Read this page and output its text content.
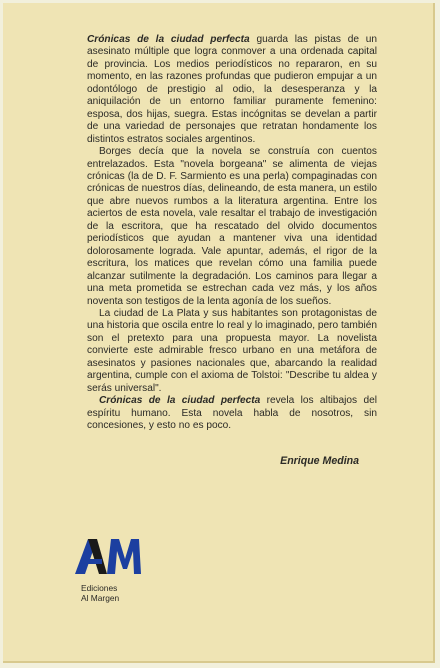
Crónicas de la ciudad perfecta guarda las pistas de un asesinato múltiple que logra conmover a una ordenada capital de provincia. Los medios periodísticos no repararon, en su momento, en las razones profundas que pudieron empujar a un odontólogo de prestigio al odio, la desesperanza y la aniquilación de un entorno familiar puramente femenino: esposa, dos hijas, suegra. Estas incógnitas se develan a partir de una variedad de personajes que retratan hondamente los distintos estratos sociales argentinos.

Borges decía que la novela se construía con cuentos entrelazados. Esta "novela borgeana" se alimenta de viejas crónicas (la de D. F. Sarmiento es una perla) compaginadas con crónicas de nuestros días, delineando, de esta manera, un estilo que abre nuevos rumbos a la literatura argentina. Entre los aciertos de esta novela, vale resaltar el trabajo de investigación de la escritora, que ha rescatado del olvido documentos periodísticos que ayudan a mantener viva una identidad dolorosamente lograda. Vale apuntar, además, el rigor de la escritura, los matices que revelan cómo una familia puede alcanzar sutilmente la degradación. Los caminos para llegar a una meta prometida se estrechan cada vez más, y los años noventa son testigos de la lenta agonía de los sueños.

La ciudad de La Plata y sus habitantes son protagonistas de una historia que oscila entre lo real y lo imaginado, pero también son el pretexto para una propuesta mayor. La novelista convierte este admirable fresco urbano en una metáfora de asesinatos y pasiones nacionales que, abarcando la realidad argentina, cumple con el axioma de Tolstoi: "Describe tu aldea y serás universal".

Crónicas de la ciudad perfecta revela los altibajos del espíritu humano. Esta novela habla de nosotros, sin concesiones, y esto no es poco.

Enrique Medina
Ediciones
Al Margen
